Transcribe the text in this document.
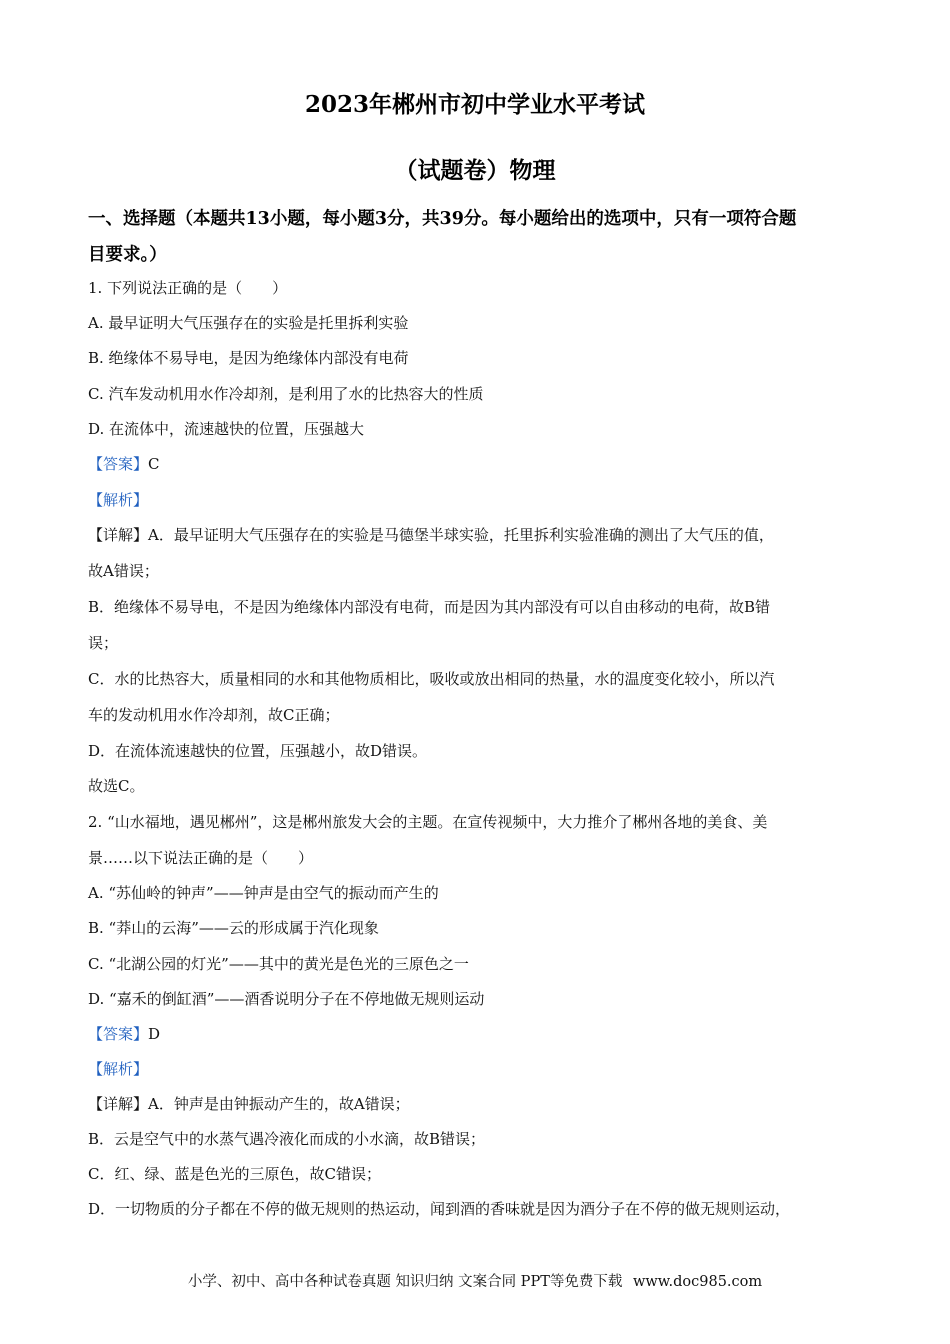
2023年郴州市初中学业水平考试
（试题卷）物理
一、选择题（本题共13小题，每小题3分，共39分。每小题给出的选项中，只有一项符合题
目要求。）
1. 下列说法正确的是（　　）
A. 最早证明大气压强存在的实验是托里拆利实验
B. 绝缘体不易导电，是因为绝缘体内部没有电荷
C. 汽车发动机用水作冷却剂，是利用了水的比热容大的性质
D. 在流体中，流速越快的位置，压强越大
【答案】C
【解析】
【详解】A．最早证明大气压强存在的实验是马德堡半球实验，托里拆利实验准确的测出了大气压的值，
故A错误；
B．绝缘体不易导电，不是因为绝缘体内部没有电荷，而是因为其内部没有可以自由移动的电荷，故B错
误；
C．水的比热容大，质量相同的水和其他物质相比，吸收或放出相同的热量，水的温度变化较小，所以汽
车的发动机用水作冷却剂，故C正确；
D．在流体流速越快的位置，压强越小，故D错误。
故选C。
2. “山水福地，遇见郴州”，这是郴州旅发大会的主题。在宣传视频中，大力推介了郴州各地的美食、美
景……以下说法正确的是（　　）
A. “苏仙岭的钟声”——钟声是由空气的振动而产生的
B. “莽山的云海”——云的形成属于汽化现象
C. “北湖公园的灯光”——其中的黄光是色光的三原色之一
D. “嘉禾的倒缸酒”——酒香说明分子在不停地做无规则运动
【答案】D
【解析】
【详解】A．钟声是由钟振动产生的，故A错误；
B．云是空气中的水蒸气遇冷液化而成的小水滴，故B错误；
C．红、绿、蓝是色光的三原色，故C错误；
D．一切物质的分子都在不停的做无规则的热运动，闻到酒的香味就是因为酒分子在不停的做无规则运动，
小学、初中、高中各种试卷真题 知识归纳 文案合同 PPT等免费下载 www.doc985.com
